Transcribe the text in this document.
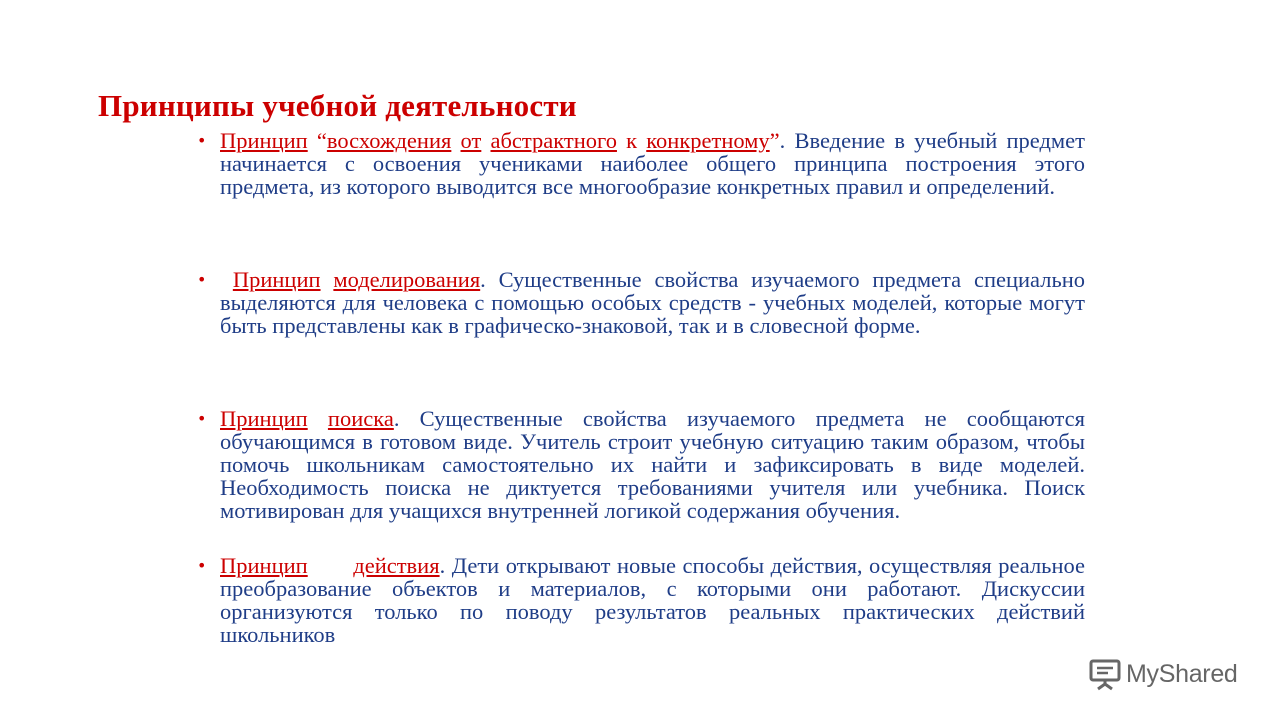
Принципы учебной деятельности
• Принцип “восхождения от абстрактного к конкретному”. Введение в учебный предмет начинается с освоения учениками наиболее общего принципа построения этого предмета, из которого выводится все многообразие конкретных правил и определений.
•	Принцип моделирования. Существенные свойства изучаемого предмета специально выделяются для человека с помощью особых средств - учебных моделей, которые могут быть представлены как в графическо-знаковой, так и в словесной форме.
• Принцип поиска. Существенные свойства изучаемого предмета не сообщаются обучающимся в готовом виде. Учитель строит учебную ситуацию таким образом, чтобы помочь школьникам самостоятельно их найти и зафиксировать в виде моделей. Необходимость поиска не диктуется требованиями учителя или учебника. Поиск мотивирован для учащихся внутренней логикой содержания обучения.
• Принцип действия. Дети открывают новые способы действия, осуществляя реальное преобразование объектов и материалов, с которыми они работают. Дискуссии организуются только по поводу результатов реальных практических действий школьников
MyShared
